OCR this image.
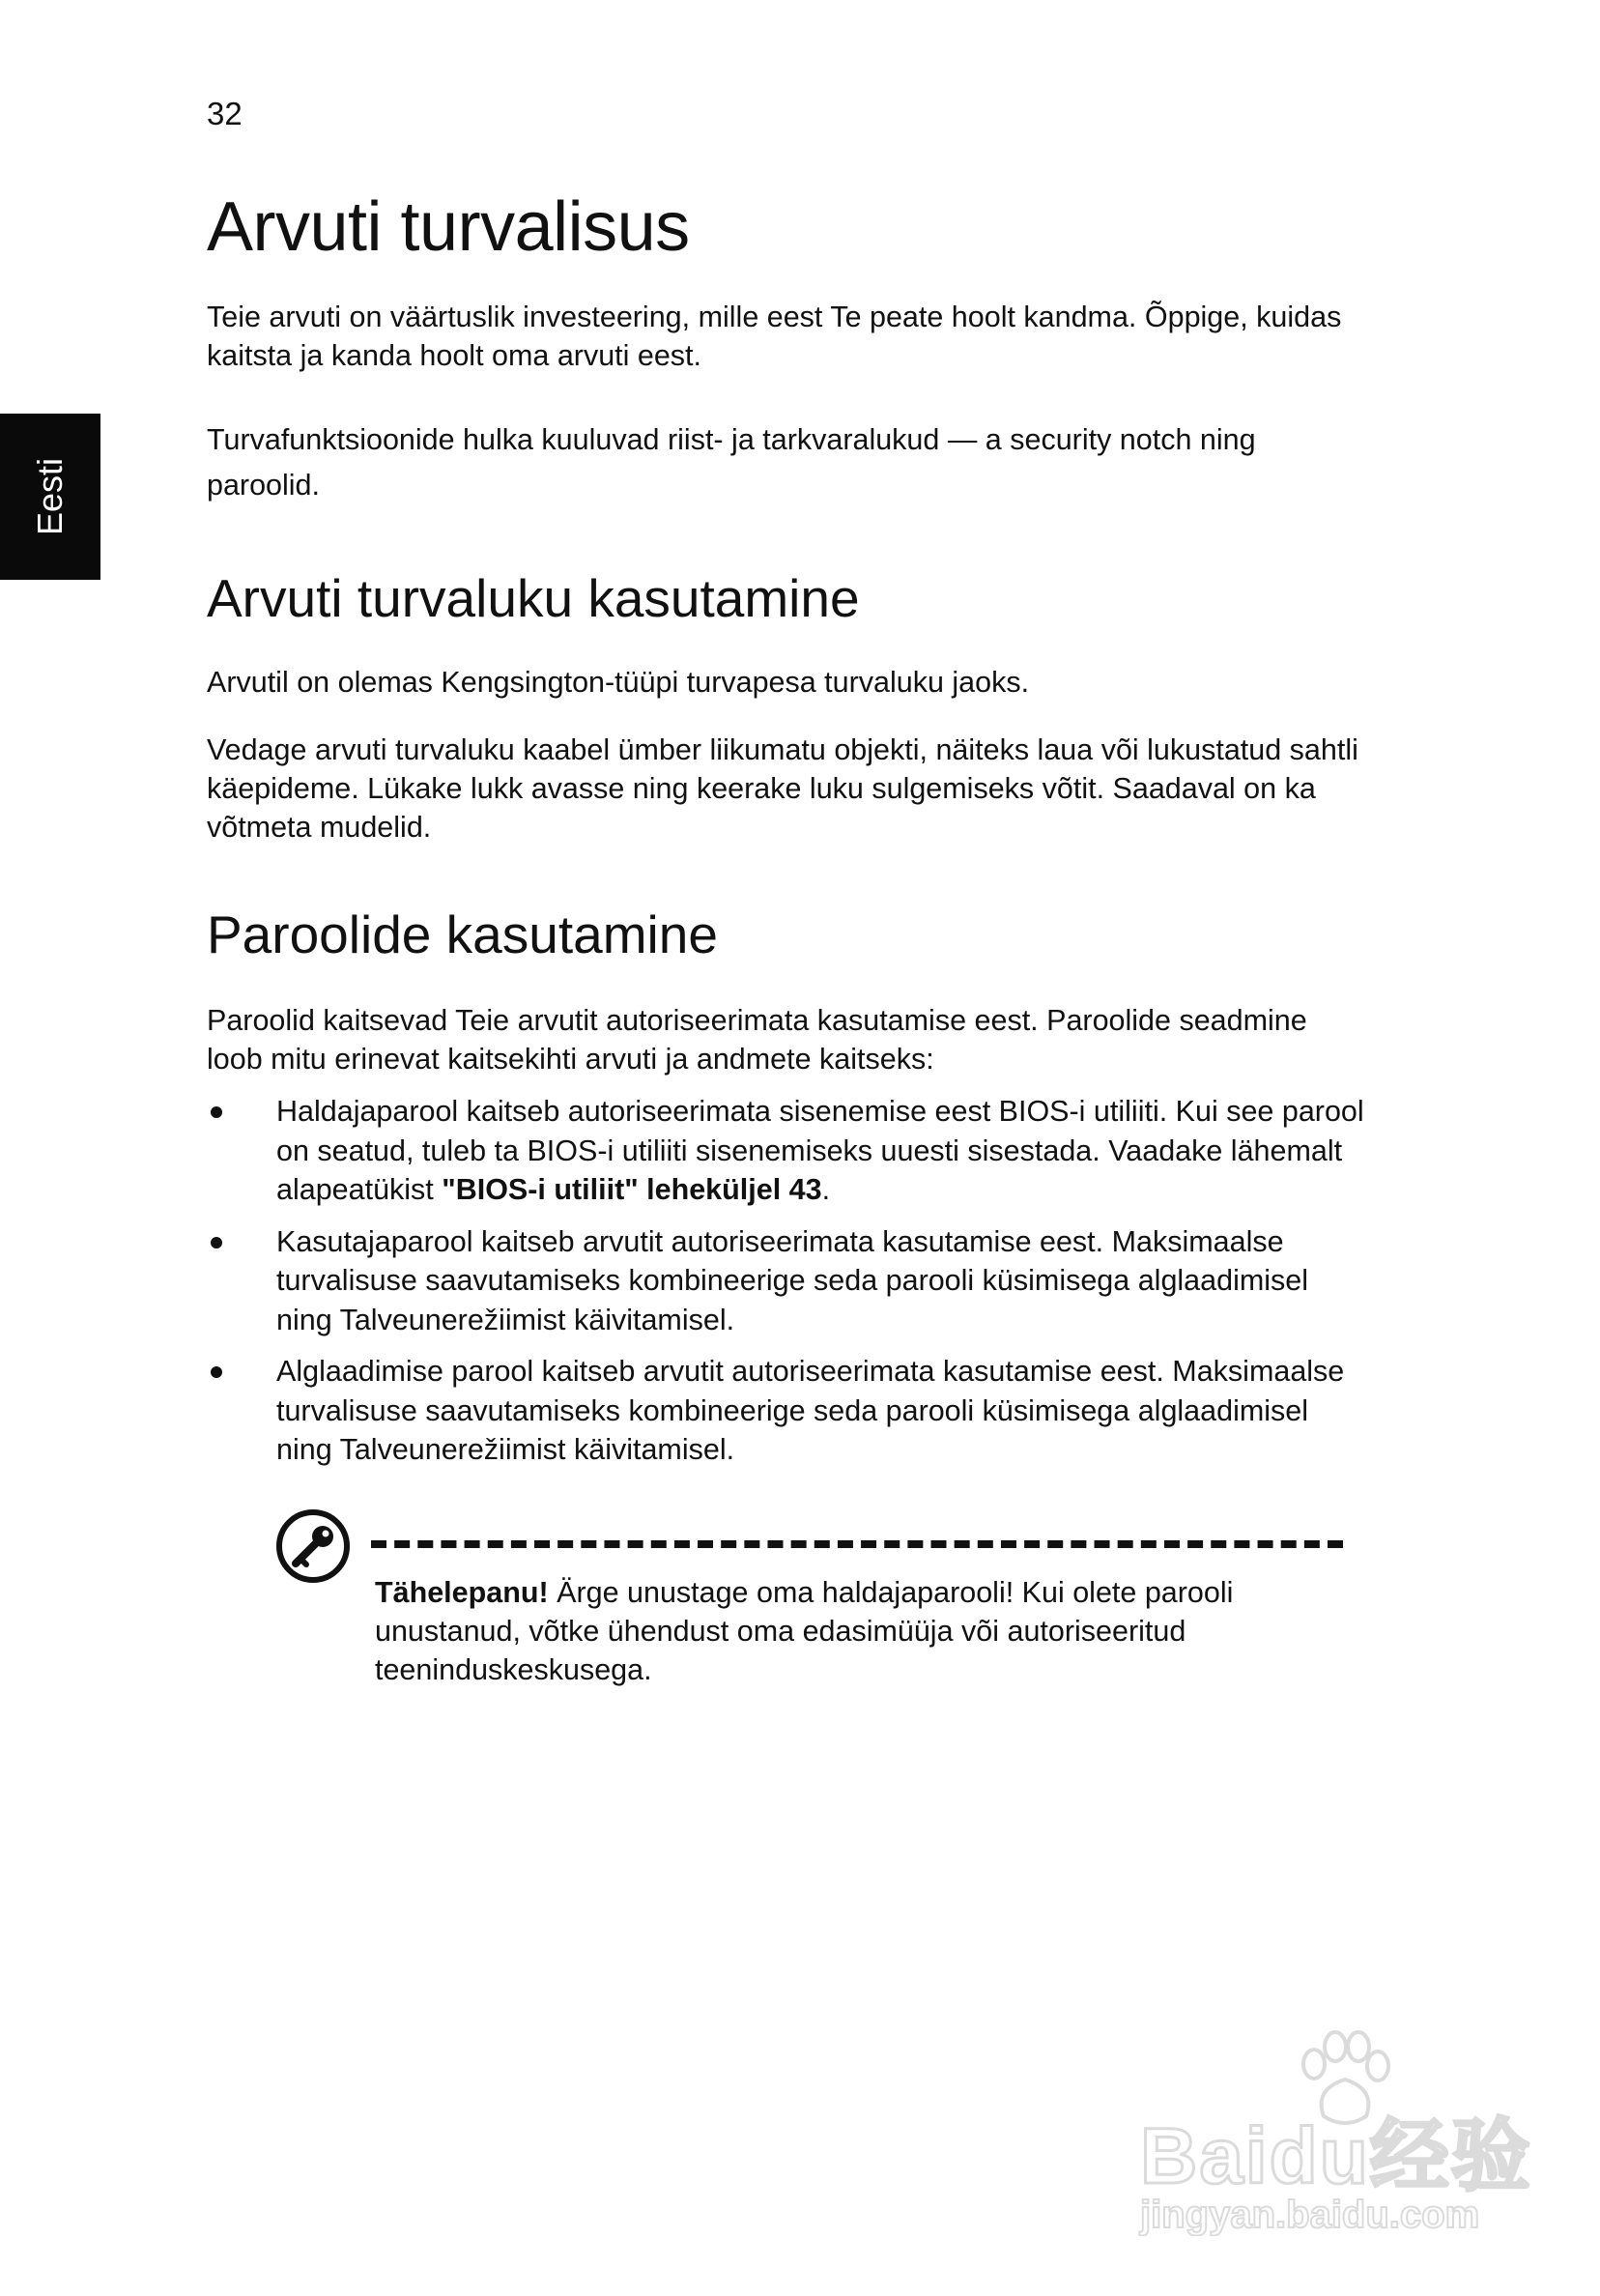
32
Eesti
Arvuti turvalisus

Teie arvuti on väärtuslik investeering, mille eest Te peate hoolt kandma. Õppige, kuidas kaitsta ja kanda hoolt oma arvuti eest.

Turvafunktsioonide hulka kuuluvad riist- ja tarkvaralukud — a security notch ning paroolid.

Arvuti turvaluku kasutamine

Arvutil on olemas Kengsington-tüüpi turvapesa turvaluku jaoks.

Vedage arvuti turvaluku kaabel ümber liikumatu objekti, näiteks laua või lukustatud sahtli käepideme. Lükake lukk avasse ning keerake luku sulgemiseks võtit. Saadaval on ka võtmeta mudelid.

Paroolide kasutamine

Paroolid kaitsevad Teie arvutit autoriseerimata kasutamise eest. Paroolide seadmine loob mitu erinevat kaitsekihti arvuti ja andmete kaitseks:

Haldajaparool kaitseb autoriseerimata sisenemise eest BIOS-i utiliiti. Kui see parool on seatud, tuleb ta BIOS-i utiliiti sisenemiseks uuesti sisestada. Vaadake lähemalt alapeatükist "BIOS-i utiliit" leheküljel 43.
Kasutajaparool kaitseb arvutit autoriseerimata kasutamise eest. Maksimaalse turvalisuse saavutamiseks kombineerige seda parooli küsimisega alglaadimisel ning Talveunerežiimist käivitamisel.
Alglaadimise parool kaitseb arvutit autoriseerimata kasutamise eest. Maksimaalse turvalisuse saavutamiseks kombineerige seda parooli küsimisega alglaadimisel ning Talveunerežiimist käivitamisel.
Tähelepanu! Ärge unustage oma haldajaparooli! Kui olete parooli unustanud, võtke ühendust oma edasimüüja või autoriseeritud teeninduskeskusega.
Baidu经验
jingyan.baidu.com
